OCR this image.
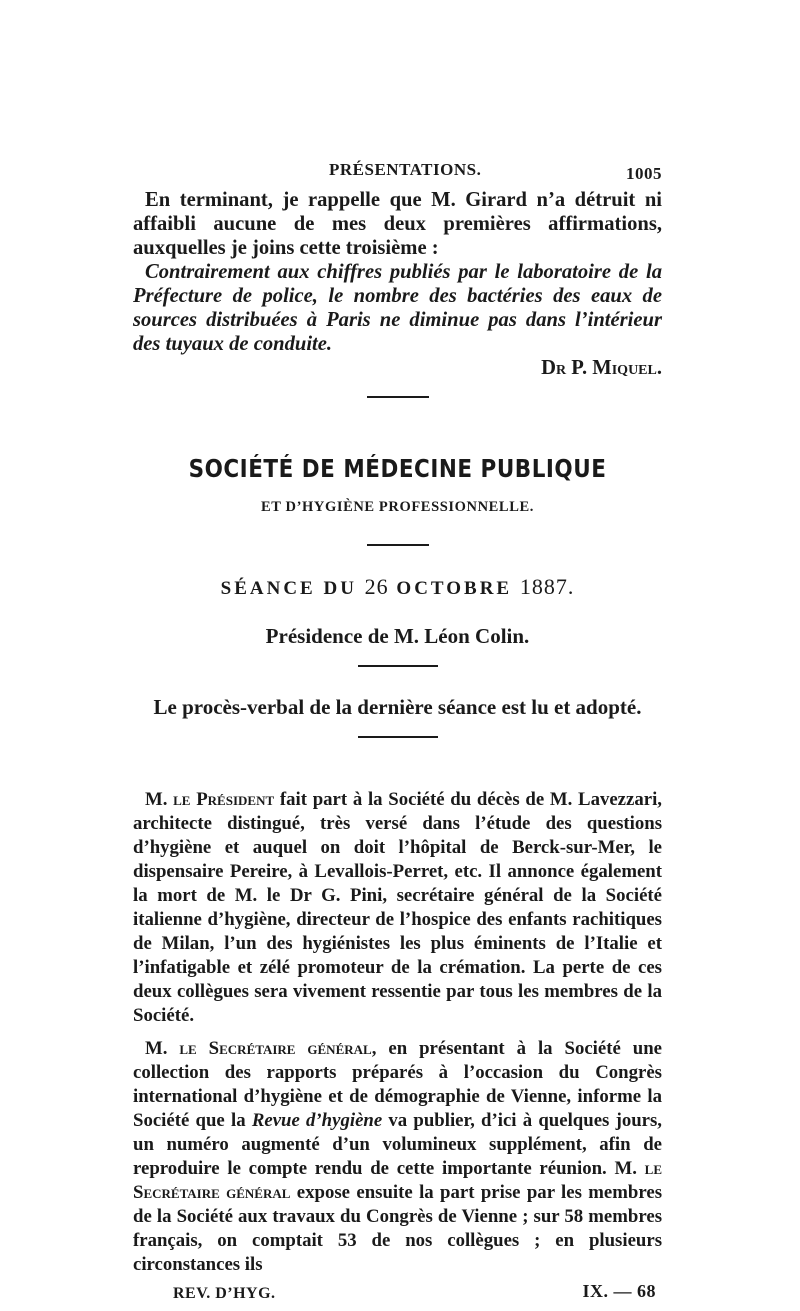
PRÉSENTATIONS.	1005

En terminant, je rappelle que M. Girard n’a détruit ni affaibli aucune de mes deux premières affirmations, auxquelles je joins cette troisième :

Contrairement aux chiffres publiés par le laboratoire de la Préfecture de police, le nombre des bactéries des eaux de sources distribuées à Paris ne diminue pas dans l’intérieur des tuyaux de conduite.

Dr P. Miquel.

SOCIÉTÉ DE MÉDECINE PUBLIQUE
ET D’HYGIÈNE PROFESSIONNELLE.
SÉANCE DU 26 OCTOBRE 1887.
Présidence de M. Léon Colin.
Le procès-verbal de la dernière séance est lu et adopté.

M. le Président fait part à la Société du décès de M. Lavezzari, architecte distingué, très versé dans l’étude des questions d’hygiène et auquel on doit l’hôpital de Berck-sur-Mer, le dispensaire Pereire, à Levallois-Perret, etc. Il annonce également la mort de M. le Dr G. Pini, secrétaire général de la Société italienne d’hygiène, directeur de l’hospice des enfants rachitiques de Milan, l’un des hygiénistes les plus éminents de l’Italie et l’infatigable et zélé promoteur de la crémation. La perte de ces deux collègues sera vivement ressentie par tous les membres de la Société.

M. le Secrétaire général, en présentant à la Société une collection des rapports préparés à l’occasion du Congrès international d’hygiène et de démographie de Vienne, informe la Société que la Revue d’hygiène va publier, d’ici à quelques jours, un numéro augmenté d’un volumineux supplément, afin de reproduire le compte rendu de cette importante réunion. M. le Secrétaire général expose ensuite la part prise par les membres de la Société aux travaux du Congrès de Vienne ; sur 58 membres français, on comptait 53 de nos collègues ; en plusieurs circonstances ils

REV. D’HYG.	IX. — 68
